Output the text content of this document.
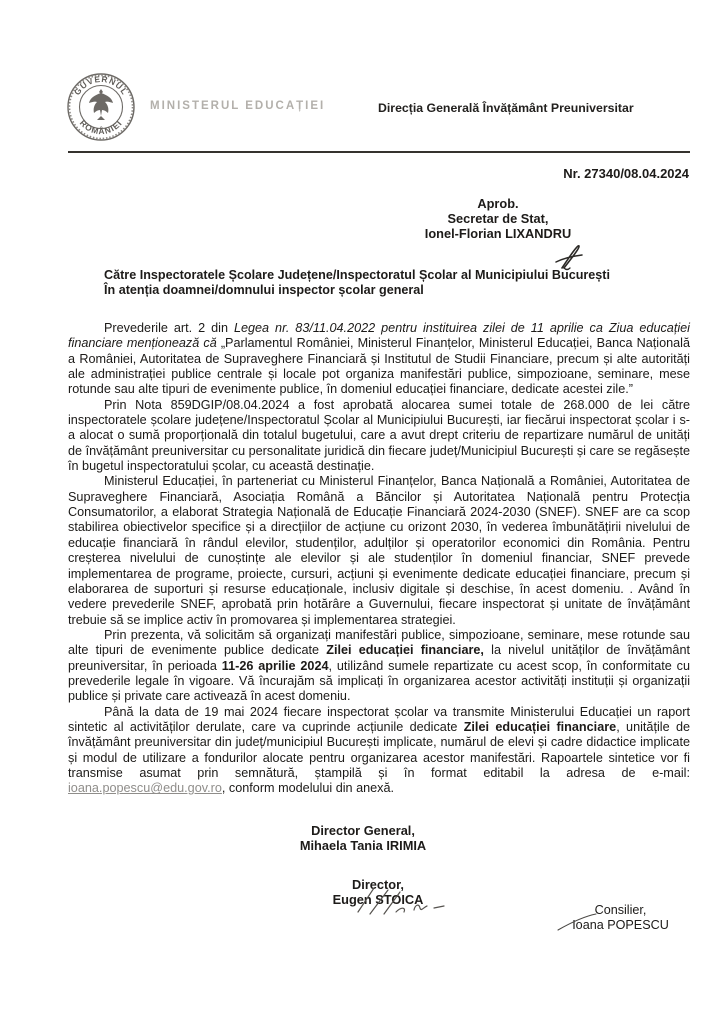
GUVERNUL
ROMÂNIEI
MINISTERUL EDUCAȚIEI	Direcția Generală Învățământ Preuniversitar
Nr. 27340/08.04.2024
Aprob.
Secretar de Stat,
Ionel-Florian LIXANDRU
Către Inspectoratele Școlare Județene/Inspectoratul Școlar al Municipiului București
În atenția doamnei/domnului inspector școlar general

Prevederile art. 2 din Legea nr. 83/11.04.2022 pentru instituirea zilei de 11 aprilie ca Ziua educației financiare menționează că „Parlamentul României, Ministerul Finanțelor, Ministerul Educației, Banca Națională a României, Autoritatea de Supraveghere Financiară și Institutul de Studii Financiare, precum și alte autorități ale administrației publice centrale și locale pot organiza manifestări publice, simpozioane, seminare, mese rotunde sau alte tipuri de evenimente publice, în domeniul educației financiare, dedicate acestei zile.”

Prin Nota 859DGIP/08.04.2024 a fost aprobată alocarea sumei totale de 268.000 de lei către inspectoratele școlare județene/Inspectoratul Școlar al Municipiului București, iar fiecărui inspectorat școlar i s-a alocat o sumă proporțională din totalul bugetului, care a avut drept criteriu de repartizare numărul de unități de învățământ preuniversitar cu personalitate juridică din fiecare județ/Municipiul București și care se regăsește în bugetul inspectoratului școlar, cu această destinație.

Ministerul Educației, în parteneriat cu Ministerul Finanțelor, Banca Națională a României, Autoritatea de Supraveghere Financiară, Asociația Română a Băncilor și Autoritatea Națională pentru Protecția Consumatorilor, a elaborat Strategia Națională de Educație Financiară 2024-2030 (SNEF). SNEF are ca scop stabilirea obiectivelor specifice și a direcțiilor de acțiune cu orizont 2030, în vederea îmbunătățirii nivelului de educație financiară în rândul elevilor, studenților, adulților și operatorilor economici din România. Pentru creșterea nivelului de cunoștințe ale elevilor și ale studenților în domeniul financiar, SNEF prevede implementarea de programe, proiecte, cursuri, acțiuni și evenimente dedicate educației financiare, precum și elaborarea de suporturi și resurse educaționale, inclusiv digitale și deschise, în acest domeniu. . Având în vedere prevederile SNEF, aprobată prin hotărâre a Guvernului, fiecare inspectorat și unitate de învățământ trebuie să se implice activ în promovarea și implementarea strategiei.

Prin prezenta, vă solicităm să organizați manifestări publice, simpozioane, seminare, mese rotunde sau alte tipuri de evenimente publice dedicate Zilei educației financiare, la nivelul unităților de învățământ preuniversitar, în perioada 11-26 aprilie 2024, utilizând sumele repartizate cu acest scop, în conformitate cu prevederile legale în vigoare. Vă încurajăm să implicați în organizarea acestor activități instituții și organizații publice și private care activează în acest domeniu.

Până la data de 19 mai 2024 fiecare inspectorat școlar va transmite Ministerului Educației un raport sintetic al activităților derulate, care va cuprinde acțiunile dedicate Zilei educației financiare, unitățile de învățământ preuniversitar din județ/municipiul București implicate, numărul de elevi și cadre didactice implicate și modul de utilizare a fondurilor alocate pentru organizarea acestor manifestări. Rapoartele sintetice vor fi transmise asumat prin semnătură, ștampilă și în format editabil la adresa de e-mail: ioana.popescu@edu.gov.ro, conform modelului din anexă.

Director General,
Mihaela Tania IRIMIA
Director,
Eugen STOICA
Consilier,
Ioana POPESCU
